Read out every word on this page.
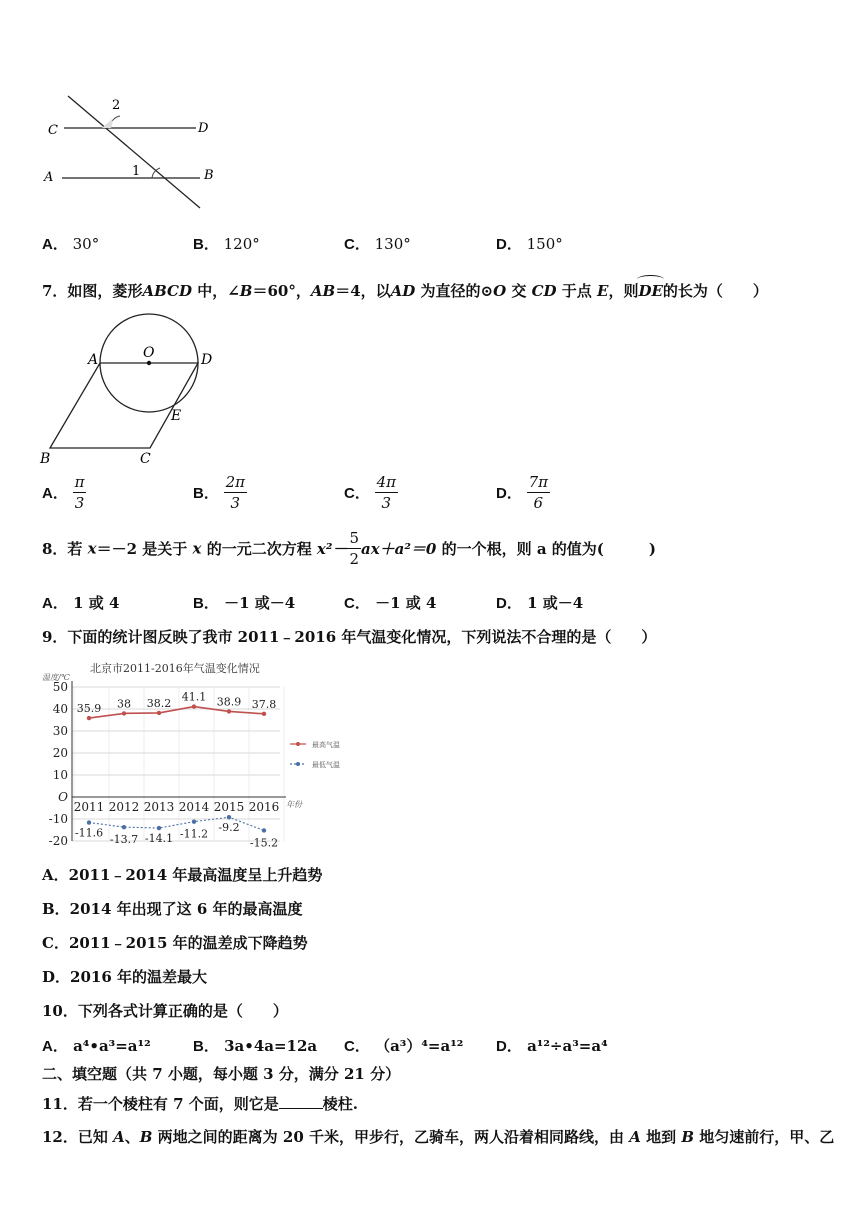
2
1
C	D
A	B
A． 30°	B． 120°	C． 130°	D． 150°
7．如图，菱形ABCD 中，∠B＝60°，AB＝4，以AD 为直径的⊙O 交 CD 于点 E，则
DE的长为（　　）
A	O	D
E
B	C
A． $\frac{\pi}{3}$	B． $\frac{2\pi}{3}$	C． $\frac{4\pi}{3}$	D． $\frac{7\pi}{6}$
8．若 x＝－2 是关于 x 的一元二次方程 $x^2- \frac{5}{2} ax+a^2=0$ 的一个根，则 a 的值为(　　　)
A． 1 或 4	B． －1 或－4	C． －1 或 4	D． 1 或－4
9．下面的统计图反映了我市 2011﹣2016 年气温变化情况，下列说法不合理的是（　　）
北京市2011-2016年气温变化情况
温度/℃
年份
50
40
30
20
10
O
-10
-20
2011 2012 2013 2014 2015 2016
35.9 38 38.2 41.1 38.9 37.8
-11.6
-13.7 -14.1 -11.2 -9.2
-15.2
最高气温
最低气温
A．2011﹣2014 年最高温度呈上升趋势
B．2014 年出现了这 6 年的最高温度
C．2011﹣2015 年的温差成下降趋势
D．2016 年的温差最大
10．下列各式计算正确的是（　　）
A． a⁴•a³=a¹²	B． 3a•4a=12a C． （a³）⁴=a¹² D． a¹²÷a³=a⁴
二、填空题（共 7 小题，每小题 3 分，满分 21 分）
11．若一个棱柱有 7 个面，则它是	棱柱.
12．已知 A、B 两地之间的距离为 20 千米，甲步行，乙骑车，两人沿着相同路线，由 A 地到 B 地匀速前行，甲、乙
